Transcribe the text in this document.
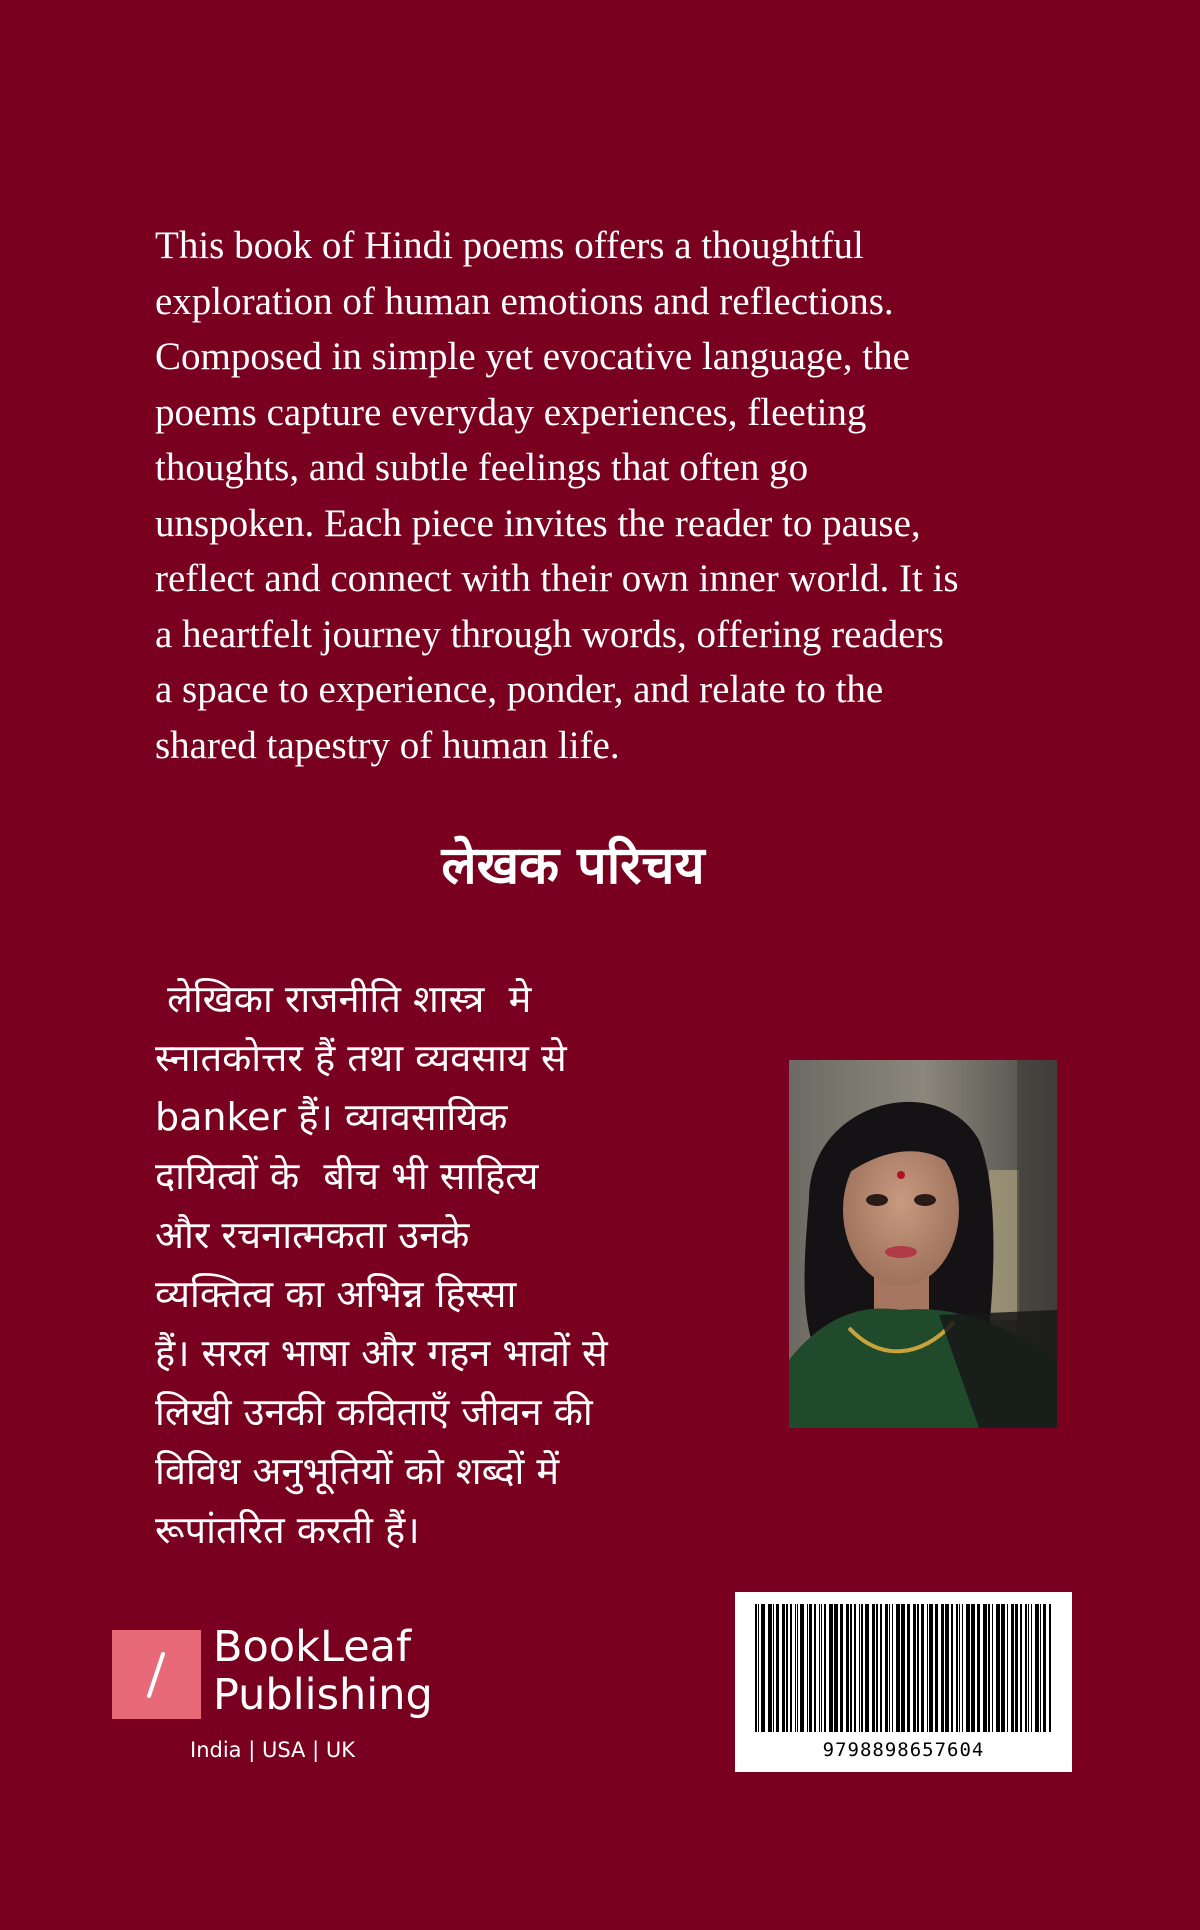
This book of Hindi poems offers a thoughtful
exploration of human emotions and reflections.
Composed in simple yet evocative language, the
poems capture everyday experiences, fleeting
thoughts, and subtle feelings that often go
unspoken. Each piece invites the reader to pause,
reflect and connect with their own inner world. It is
a heartfelt journey through words, offering readers
a space to experience, ponder, and relate to the
shared tapestry of human life.
लेखक परिचय
लेखिका राजनीति शास्त्र  मे
स्नातकोत्तर हैं तथा व्यवसाय से
banker हैं। व्यावसायिक
दायित्वों के  बीच भी साहित्य
और रचनात्मकता उनके
व्यक्तित्व का अभिन्न हिस्सा
हैं। सरल भाषा और गहन भावों से
लिखी उनकी कविताएँ जीवन की
विविध अनुभूतियों को शब्दों में
रूपांतरित करती हैं।
BookLeaf
Publishing
India | USA | UK	9798898657604
